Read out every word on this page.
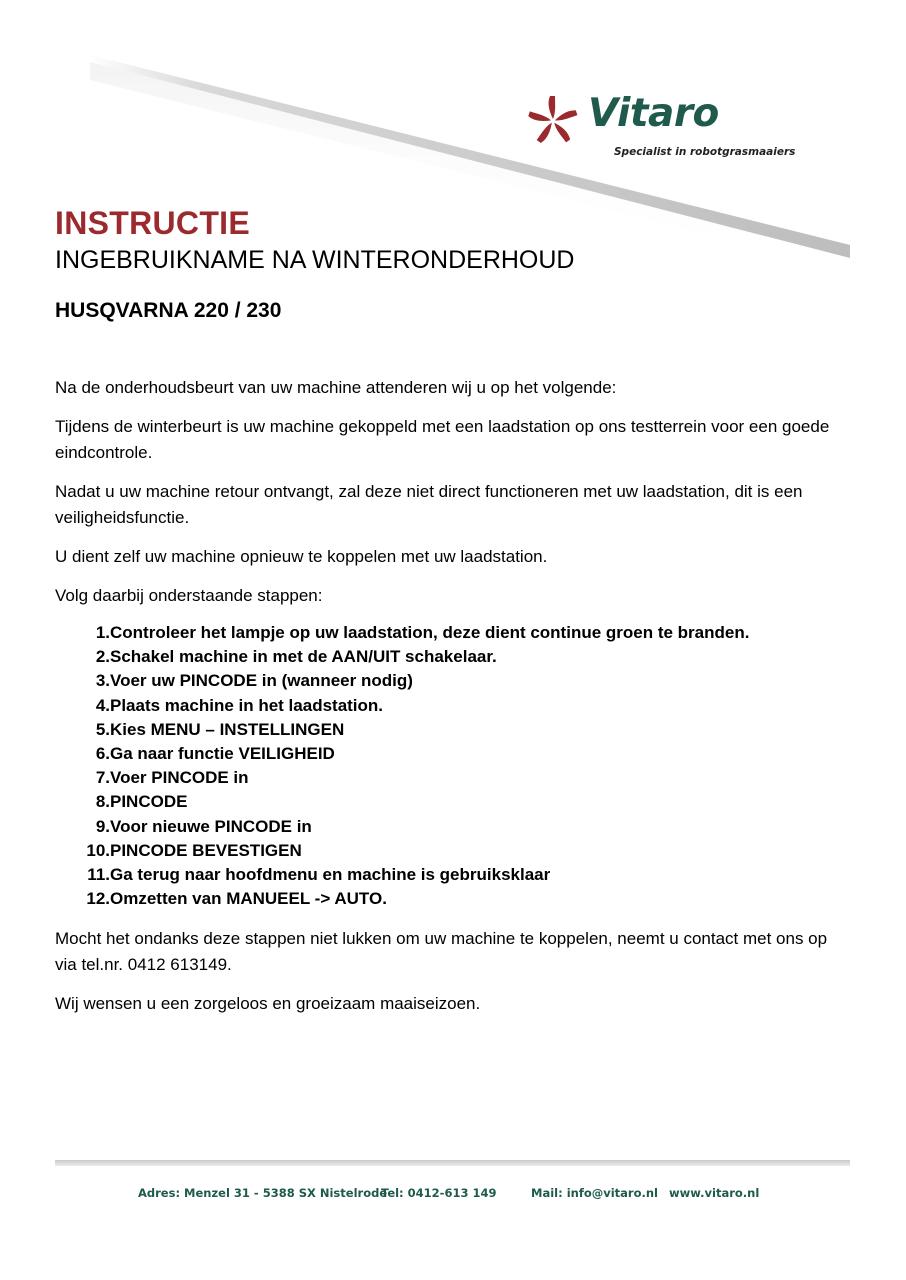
Vitaro
Specialist in robotgrasmaaiers
INSTRUCTIE
INGEBRUIKNAME NA WINTERONDERHOUD
HUSQVARNA 220 / 230

Na de onderhoudsbeurt van uw machine attenderen wij u op het volgende:

Tijdens de winterbeurt is uw machine gekoppeld met een laadstation op ons testterrein voor een goede eindcontrole.

Nadat u uw machine retour ontvangt, zal deze niet direct functioneren met uw laadstation, dit is een veiligheidsfunctie.

U dient zelf uw machine opnieuw te koppelen met uw laadstation.

Volg daarbij onderstaande stappen:

1. Controleer het lampje op uw laadstation, deze dient continue groen te branden.
2. Schakel machine in met de AAN/UIT schakelaar.
3. Voer uw PINCODE in (wanneer nodig)
4. Plaats machine in het laadstation.
5. Kies MENU – INSTELLINGEN
6. Ga naar functie VEILIGHEID
7. Voer PINCODE in
8. PINCODE
9. Voor nieuwe PINCODE in
10. PINCODE BEVESTIGEN
11. Ga terug naar hoofdmenu en machine is gebruiksklaar
12. Omzetten van MANUEEL -> AUTO.

Mocht het ondanks deze stappen niet lukken om uw machine te koppelen, neemt u contact met ons op via tel.nr. 0412 613149.

Wij wensen u een zorgeloos en groeizaam maaiseizoen.

Adres: Menzel 31 - 5388 SX Nistelrode
Tel: 0412-613 149	Mail: info@vitaro.nl www.vitaro.nl
